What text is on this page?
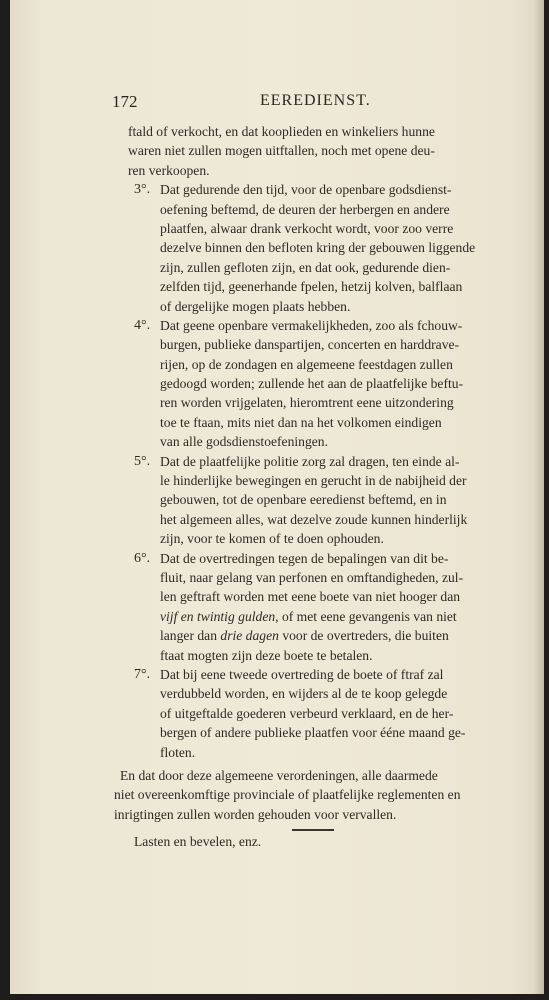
172	EEREDIENST.
ftald of verkocht, en dat kooplieden en winkeliers hunne
waren niet zullen mogen uitftallen, noch met opene deu-
ren verkoopen.
3°. Dat gedurende den tijd, voor de openbare godsdienst-
oefening beftemd, de deuren der herbergen en andere
plaatfen, alwaar drank verkocht wordt, voor zoo verre
dezelve binnen den befloten kring der gebouwen liggende
zijn, zullen gefloten zijn, en dat ook, gedurende dien-
zelfden tijd, geenerhande fpelen, hetzij kolven, balflaan
of dergelijke mogen plaats hebben.
4°. Dat geene openbare vermakelijkheden, zoo als fchouw-
burgen, publieke danspartijen, concerten en harddrave-
rijen, op de zondagen en algemeene feestdagen zullen
gedoogd worden; zullende het aan de plaatfelijke beftu-
ren worden vrijgelaten, hieromtrent eene uitzondering
toe te ftaan, mits niet dan na het volkomen eindigen
van alle godsdienstoefeningen.
5°. Dat de plaatfelijke politie zorg zal dragen, ten einde al-
le hinderlijke bewegingen en gerucht in de nabijheid der
gebouwen, tot de openbare eeredienst beftemd, en in
het algemeen alles, wat dezelve zoude kunnen hinderlijk
zijn, voor te komen of te doen ophouden.
6°. Dat de overtredingen tegen de bepalingen van dit be-
fluit, naar gelang van perfonen en omftandigheden, zul-
len geftraft worden met eene boete van niet hooger dan
vijf en twintig gulden, of met eene gevangenis van niet
langer dan drie dagen voor de overtreders, die buiten
ftaat mogten zijn deze boete te betalen.
7°. Dat bij eene tweede overtreding de boete of ftraf zal
verdubbeld worden, en wijders al de te koop gelegde
of uitgeftalde goederen verbeurd verklaard, en de her-
bergen of andere publieke plaatfen voor ééne maand ge-
floten.
En dat door deze algemeene verordeningen, alle daarmede
niet overeenkomftige provinciale of plaatfelijke reglementen en
inrigtingen zullen worden gehouden voor vervallen.
Lasten en bevelen, enz.
